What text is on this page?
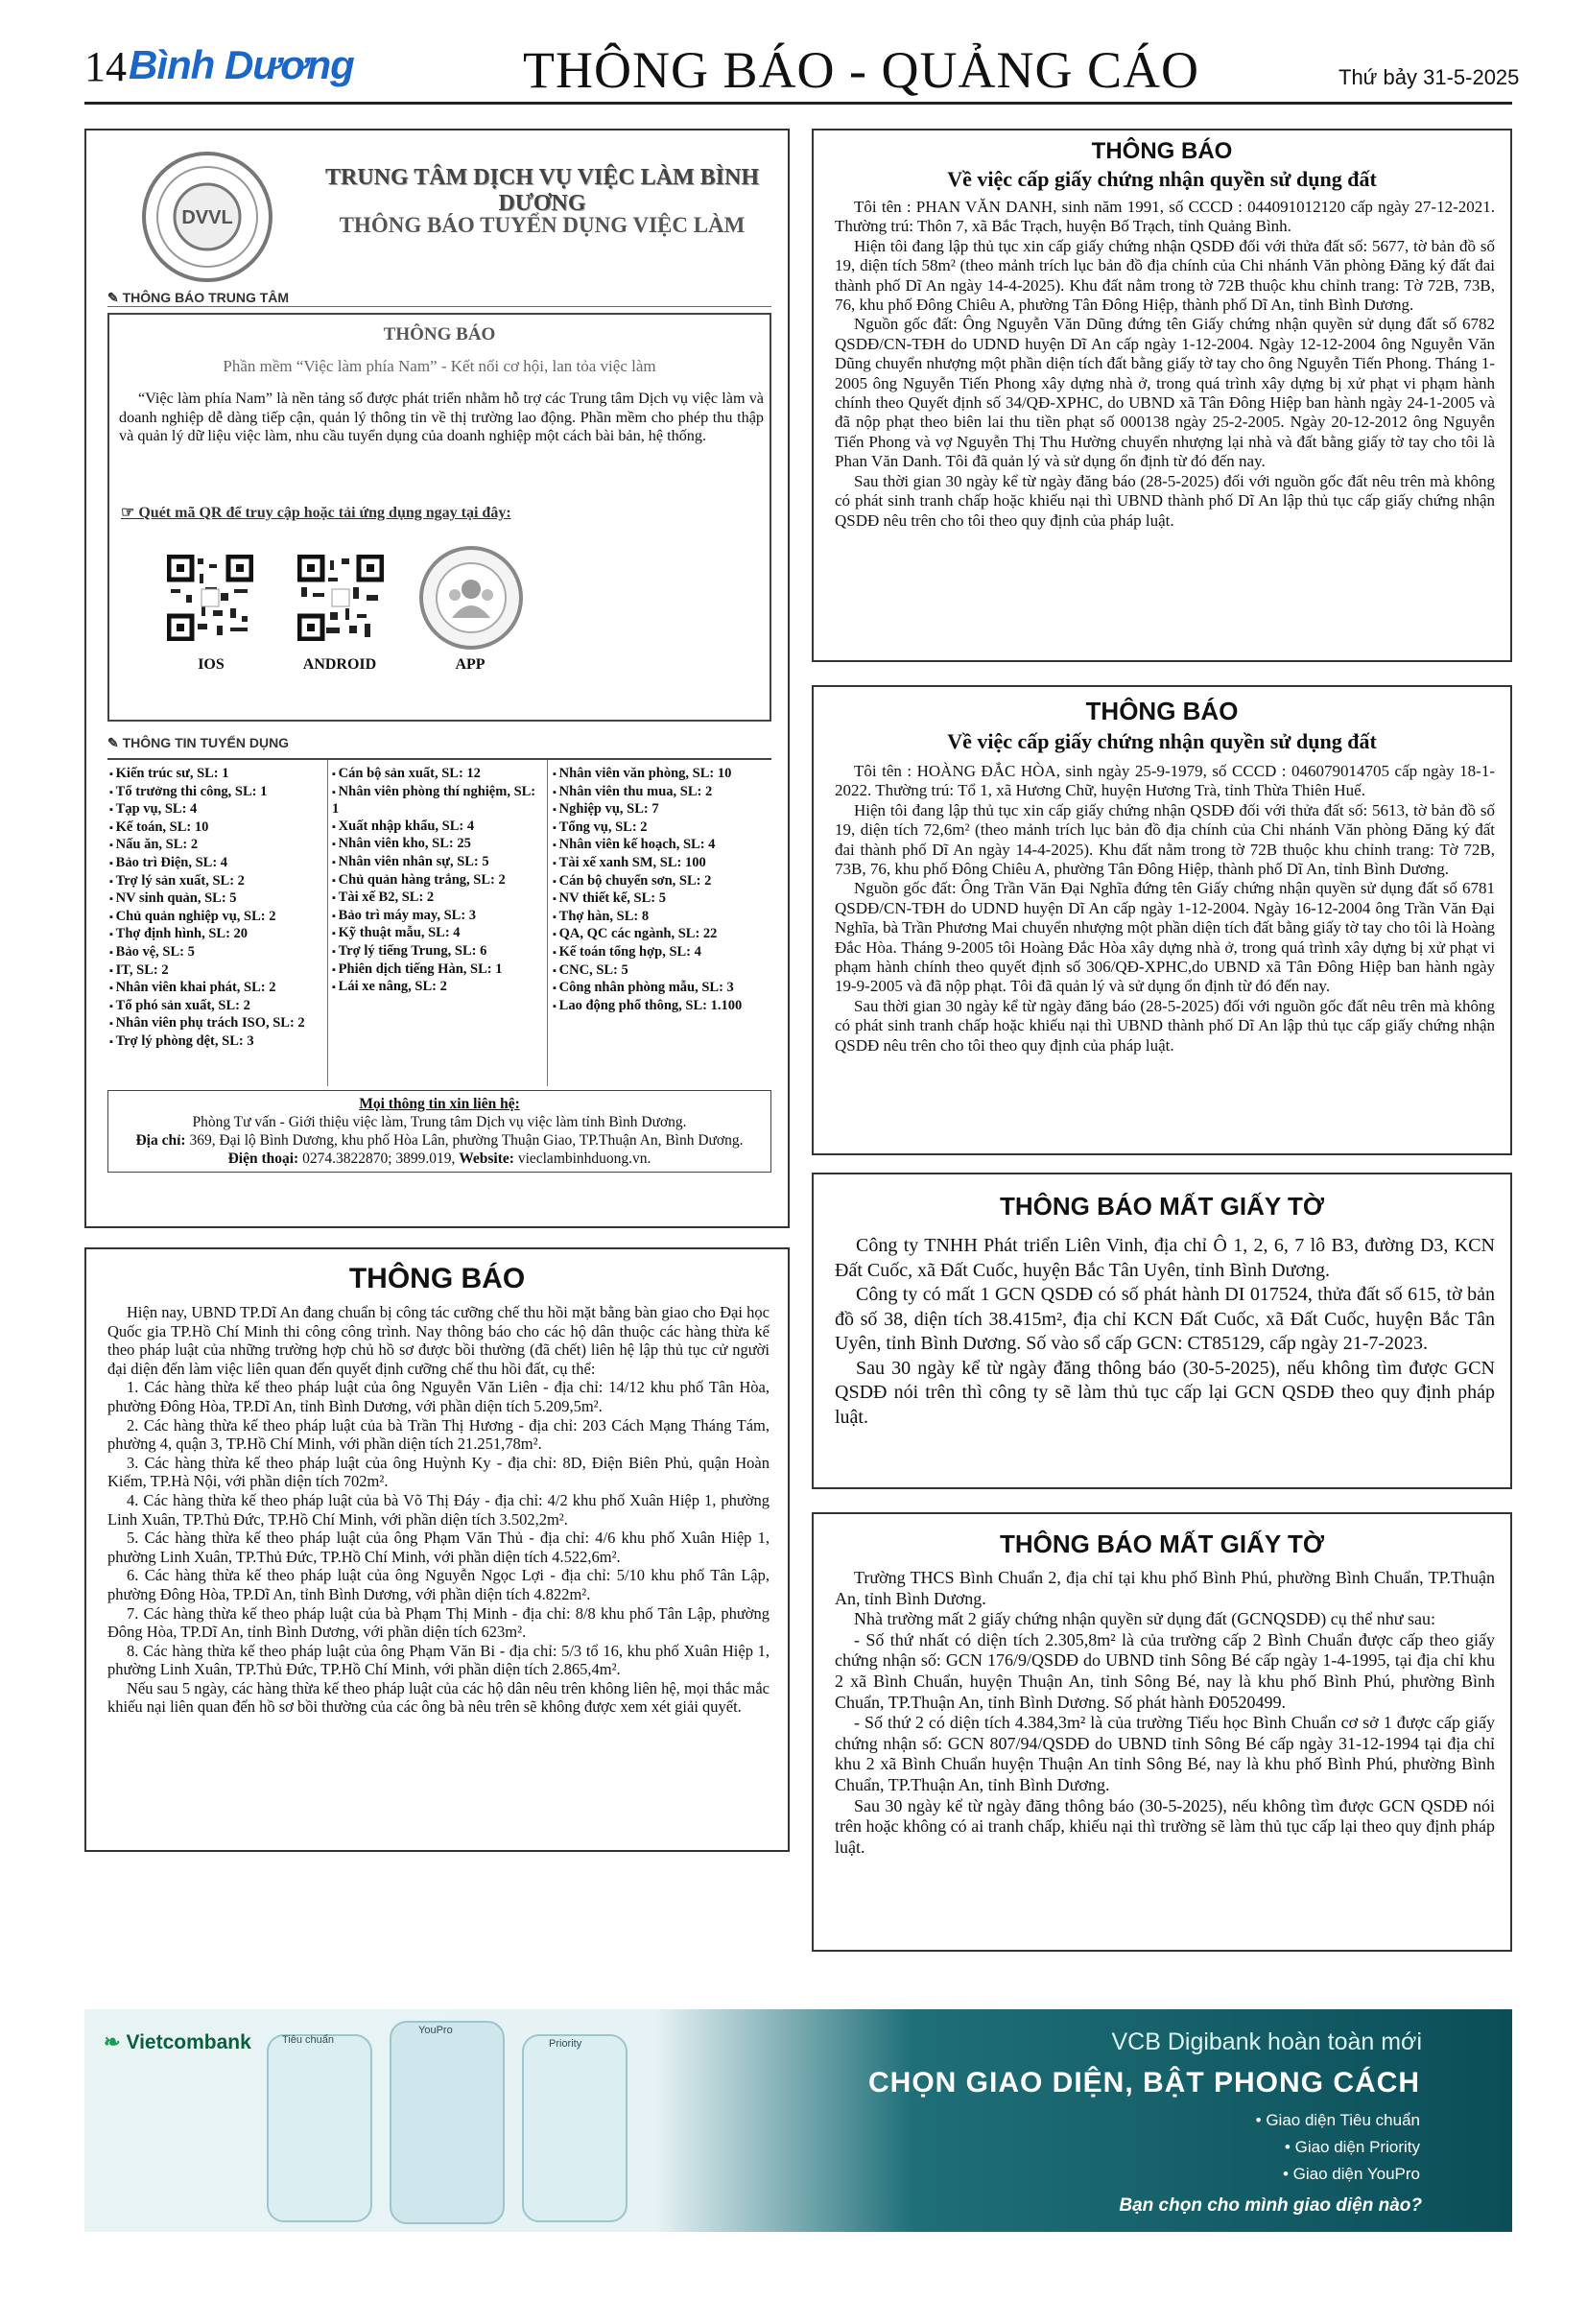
14 Bình Dương	THÔNG BÁO - QUẢNG CÁO	Thứ bảy 31-5-2025
DVVL
TRUNG TÂM DỊCH VỤ VIỆC LÀM BÌNH DƯƠNG
THÔNG BÁO TUYỂN DỤNG VIỆC LÀM
✎ THÔNG BÁO TRUNG TÂM
THÔNG BÁO
Phần mềm “Việc làm phía Nam” - Kết nối cơ hội, lan tỏa việc làm
“Việc làm phía Nam” là nền tảng số được phát triển nhằm hỗ trợ các Trung tâm Dịch vụ việc làm và doanh nghiệp dễ dàng tiếp cận, quản lý thông tin về thị trường lao động. Phần mềm cho phép thu thập và quản lý dữ liệu việc làm, nhu cầu tuyển dụng của doanh nghiệp một cách bài bản, hệ thống.
☞ Quét mã QR để truy cập hoặc tải ứng dụng ngay tại đây:
IOS	ANDROID	APP
✎ THÔNG TIN TUYỂN DỤNG
▪ Kiến trúc sư, SL: 1
▪ Tổ trưởng thi công, SL: 1
▪ Tạp vụ, SL: 4
▪ Kế toán, SL: 10
▪ Nấu ăn, SL: 2
▪ Bảo trì Điện, SL: 4
▪ Trợ lý sản xuất, SL: 2
▪ NV sinh quản, SL: 5
▪ Chủ quản nghiệp vụ, SL: 2
▪ Thợ định hình, SL: 20
▪ Bảo vệ, SL: 5
▪ IT, SL: 2
▪ Nhân viên khai phát, SL: 2
▪ Tổ phó sản xuất, SL: 2
▪ Nhân viên phụ trách ISO, SL: 2
▪ Trợ lý phòng dệt, SL: 3
▪ Cán bộ sản xuất, SL: 12
▪ Nhân viên phòng thí nghiệm, SL: 1
▪ Xuất nhập khẩu, SL: 4
▪ Nhân viên kho, SL: 25
▪ Nhân viên nhân sự, SL: 5
▪ Chủ quản hàng trắng, SL: 2
▪ Tài xế B2, SL: 2
▪ Bảo trì máy may, SL: 3
▪ Kỹ thuật mẫu, SL: 4
▪ Trợ lý tiếng Trung, SL: 6
▪ Phiên dịch tiếng Hàn, SL: 1
▪ Lái xe nâng, SL: 2
▪ Nhân viên văn phòng, SL: 10
▪ Nhân viên thu mua, SL: 2
▪ Nghiệp vụ, SL: 7
▪ Tổng vụ, SL: 2
▪ Nhân viên kế hoạch, SL: 4
▪ Tài xế xanh SM, SL: 100
▪ Cán bộ chuyển sơn, SL: 2
▪ NV thiết kế, SL: 5
▪ Thợ hàn, SL: 8
▪ QA, QC các ngành, SL: 22
▪ Kế toán tổng hợp, SL: 4
▪ CNC, SL: 5
▪ Công nhân phòng mẫu, SL: 3
▪ Lao động phổ thông, SL: 1.100
Mọi thông tin xin liên hệ:
Phòng Tư vấn - Giới thiệu việc làm, Trung tâm Dịch vụ việc làm tỉnh Bình Dương.
Địa chỉ: 369, Đại lộ Bình Dương, khu phố Hòa Lân, phường Thuận Giao, TP.Thuận An, Bình Dương.
Điện thoại: 0274.3822870; 3899.019, Website: vieclambinhduong.vn.
THÔNG BÁO

Hiện nay, UBND TP.Dĩ An đang chuẩn bị công tác cưỡng chế thu hồi mặt bằng bàn giao cho Đại học Quốc gia TP.Hồ Chí Minh thi công công trình. Nay thông báo cho các hộ dân thuộc các hàng thừa kế theo pháp luật của những trường hợp chủ hồ sơ được bồi thường (đã chết) liên hệ lập thủ tục cử người đại diện đến làm việc liên quan đến quyết định cưỡng chế thu hồi đất, cụ thể:

1. Các hàng thừa kế theo pháp luật của ông Nguyễn Văn Liên - địa chỉ: 14/12 khu phố Tân Hòa, phường Đông Hòa, TP.Dĩ An, tỉnh Bình Dương, với phần diện tích 5.209,5m².

2. Các hàng thừa kế theo pháp luật của bà Trần Thị Hương - địa chỉ: 203 Cách Mạng Tháng Tám, phường 4, quận 3, TP.Hồ Chí Minh, với phần diện tích 21.251,78m².

3. Các hàng thừa kế theo pháp luật của ông Huỳnh Ky - địa chỉ: 8D, Điện Biên Phủ, quận Hoàn Kiếm, TP.Hà Nội, với phần diện tích 702m².

4. Các hàng thừa kế theo pháp luật của bà Võ Thị Đáy - địa chỉ: 4/2 khu phố Xuân Hiệp 1, phường Linh Xuân, TP.Thủ Đức, TP.Hồ Chí Minh, với phần diện tích 3.502,2m².

5. Các hàng thừa kế theo pháp luật của ông Phạm Văn Thủ - địa chỉ: 4/6 khu phố Xuân Hiệp 1, phường Linh Xuân, TP.Thủ Đức, TP.Hồ Chí Minh, với phần diện tích 4.522,6m².

6. Các hàng thừa kế theo pháp luật của ông Nguyễn Ngọc Lợi - địa chỉ: 5/10 khu phố Tân Lập, phường Đông Hòa, TP.Dĩ An, tỉnh Bình Dương, với phần diện tích 4.822m².

7. Các hàng thừa kế theo pháp luật của bà Phạm Thị Minh - địa chỉ: 8/8 khu phố Tân Lập, phường Đông Hòa, TP.Dĩ An, tỉnh Bình Dương, với phần diện tích 623m².

8. Các hàng thừa kế theo pháp luật của ông Phạm Văn Bi - địa chỉ: 5/3 tổ 16, khu phố Xuân Hiệp 1, phường Linh Xuân, TP.Thủ Đức, TP.Hồ Chí Minh, với phần diện tích 2.865,4m².

Nếu sau 5 ngày, các hàng thừa kế theo pháp luật của các hộ dân nêu trên không liên hệ, mọi thắc mắc khiếu nại liên quan đến hồ sơ bồi thường của các ông bà nêu trên sẽ không được xem xét giải quyết.

THÔNG BÁO
Về việc cấp giấy chứng nhận quyền sử dụng đất

Tôi tên : PHAN VĂN DANH, sinh năm 1991, số CCCD : 044091012120 cấp ngày 27-12-2021. Thường trú: Thôn 7, xã Bắc Trạch, huyện Bố Trạch, tỉnh Quảng Bình.

Hiện tôi đang lập thủ tục xin cấp giấy chứng nhận QSDĐ đối với thửa đất số: 5677, tờ bản đồ số 19, diện tích 58m² (theo mảnh trích lục bản đồ địa chính của Chi nhánh Văn phòng Đăng ký đất đai thành phố Dĩ An ngày 14-4-2025). Khu đất nằm trong tờ 72B thuộc khu chỉnh trang: Tờ 72B, 73B, 76, khu phố Đông Chiêu A, phường Tân Đông Hiệp, thành phố Dĩ An, tỉnh Bình Dương.

Nguồn gốc đất: Ông Nguyễn Văn Dũng đứng tên Giấy chứng nhận quyền sử dụng đất số 6782 QSDĐ/CN-TĐH do UDND huyện Dĩ An cấp ngày 1-12-2004. Ngày 12-12-2004 ông Nguyễn Văn Dũng chuyển nhượng một phần diện tích đất bằng giấy tờ tay cho ông Nguyễn Tiến Phong. Tháng 1-2005 ông Nguyễn Tiến Phong xây dựng nhà ở, trong quá trình xây dựng bị xử phạt vi phạm hành chính theo Quyết định số 34/QĐ-XPHC, do UBND xã Tân Đông Hiệp ban hành ngày 24-1-2005 và đã nộp phạt theo biên lai thu tiền phạt số 000138 ngày 25-2-2005. Ngày 20-12-2012 ông Nguyễn Tiến Phong và vợ Nguyễn Thị Thu Hường chuyển nhượng lại nhà và đất bằng giấy tờ tay cho tôi là Phan Văn Danh. Tôi đã quản lý và sử dụng ổn định từ đó đến nay.

Sau thời gian 30 ngày kể từ ngày đăng báo (28-5-2025) đối với nguồn gốc đất nêu trên mà không có phát sinh tranh chấp hoặc khiếu nại thì UBND thành phố Dĩ An lập thủ tục cấp giấy chứng nhận QSDĐ nêu trên cho tôi theo quy định của pháp luật.

THÔNG BÁO
Về việc cấp giấy chứng nhận quyền sử dụng đất

Tôi tên : HOÀNG ĐẮC HÒA, sinh ngày 25-9-1979, số CCCD : 046079014705 cấp ngày 18-1-2022. Thường trú: Tổ 1, xã Hương Chữ, huyện Hương Trà, tỉnh Thừa Thiên Huế.

Hiện tôi đang lập thủ tục xin cấp giấy chứng nhận QSDĐ đối với thửa đất số: 5613, tờ bản đồ số 19, diện tích 72,6m² (theo mảnh trích lục bản đồ địa chính của Chi nhánh Văn phòng Đăng ký đất đai thành phố Dĩ An ngày 14-4-2025). Khu đất nằm trong tờ 72B thuộc khu chỉnh trang: Tờ 72B, 73B, 76, khu phố Đông Chiêu A, phường Tân Đông Hiệp, thành phố Dĩ An, tỉnh Bình Dương.

Nguồn gốc đất: Ông Trần Văn Đại Nghĩa đứng tên Giấy chứng nhận quyền sử dụng đất số 6781 QSDĐ/CN-TĐH do UDND huyện Dĩ An cấp ngày 1-12-2004. Ngày 16-12-2004 ông Trần Văn Đại Nghĩa, bà Trần Phương Mai chuyển nhượng một phần diện tích đất bằng giấy tờ tay cho tôi là Hoàng Đắc Hòa. Tháng 9-2005 tôi Hoàng Đắc Hòa xây dựng nhà ở, trong quá trình xây dựng bị xử phạt vi phạm hành chính theo quyết định số 306/QĐ-XPHC,do UBND xã Tân Đông Hiệp ban hành ngày 19-9-2005 và đã nộp phạt. Tôi đã quản lý và sử dụng ổn định từ đó đến nay.

Sau thời gian 30 ngày kể từ ngày đăng báo (28-5-2025) đối với nguồn gốc đất nêu trên mà không có phát sinh tranh chấp hoặc khiếu nại thì UBND thành phố Dĩ An lập thủ tục cấp giấy chứng nhận QSDĐ nêu trên cho tôi theo quy định của pháp luật.

THÔNG BÁO MẤT GIẤY TỜ

Công ty TNHH Phát triển Liên Vinh, địa chỉ Ô 1, 2, 6, 7 lô B3, đường D3, KCN Đất Cuốc, xã Đất Cuốc, huyện Bắc Tân Uyên, tỉnh Bình Dương.

Công ty có mất 1 GCN QSDĐ có số phát hành DI 017524, thửa đất số 615, tờ bản đồ số 38, diện tích 38.415m², địa chỉ KCN Đất Cuốc, xã Đất Cuốc, huyện Bắc Tân Uyên, tỉnh Bình Dương. Số vào sổ cấp GCN: CT85129, cấp ngày 21-7-2023.

Sau 30 ngày kể từ ngày đăng thông báo (30-5-2025), nếu không tìm được GCN QSDĐ nói trên thì công ty sẽ làm thủ tục cấp lại GCN QSDĐ theo quy định pháp luật.

THÔNG BÁO MẤT GIẤY TỜ

Trường THCS Bình Chuẩn 2, địa chỉ tại khu phố Bình Phú, phường Bình Chuẩn, TP.Thuận An, tỉnh Bình Dương.

Nhà trường mất 2 giấy chứng nhận quyền sử dụng đất (GCNQSDĐ) cụ thể như sau:

- Số thứ nhất có diện tích 2.305,8m² là của trường cấp 2 Bình Chuẩn được cấp theo giấy chứng nhận số: GCN 176/9/QSDĐ do UBND tỉnh Sông Bé cấp ngày 1-4-1995, tại địa chỉ khu 2 xã Bình Chuẩn, huyện Thuận An, tỉnh Sông Bé, nay là khu phố Bình Phú, phường Bình Chuẩn, TP.Thuận An, tỉnh Bình Dương. Số phát hành Đ0520499.

- Số thứ 2 có diện tích 4.384,3m² là của trường Tiểu học Bình Chuẩn cơ sở 1 được cấp giấy chứng nhận số: GCN 807/94/QSDĐ do UBND tỉnh Sông Bé cấp ngày 31-12-1994 tại địa chỉ khu 2 xã Bình Chuẩn huyện Thuận An tỉnh Sông Bé, nay là khu phố Bình Phú, phường Bình Chuẩn, TP.Thuận An, tỉnh Bình Dương.

Sau 30 ngày kể từ ngày đăng thông báo (30-5-2025), nếu không tìm được GCN QSDĐ nói trên hoặc không có ai tranh chấp, khiếu nại thì trường sẽ làm thủ tục cấp lại theo quy định pháp luật.

❧ Vietcombank	Tiêu chuẩn
YouPro
Priority	VCB Digibank hoàn toàn mới
CHỌN GIAO DIỆN, BẬT PHONG CÁCH
• Giao diện Tiêu chuẩn
• Giao diện Priority
• Giao diện YouPro
Bạn chọn cho mình giao diện nào?
